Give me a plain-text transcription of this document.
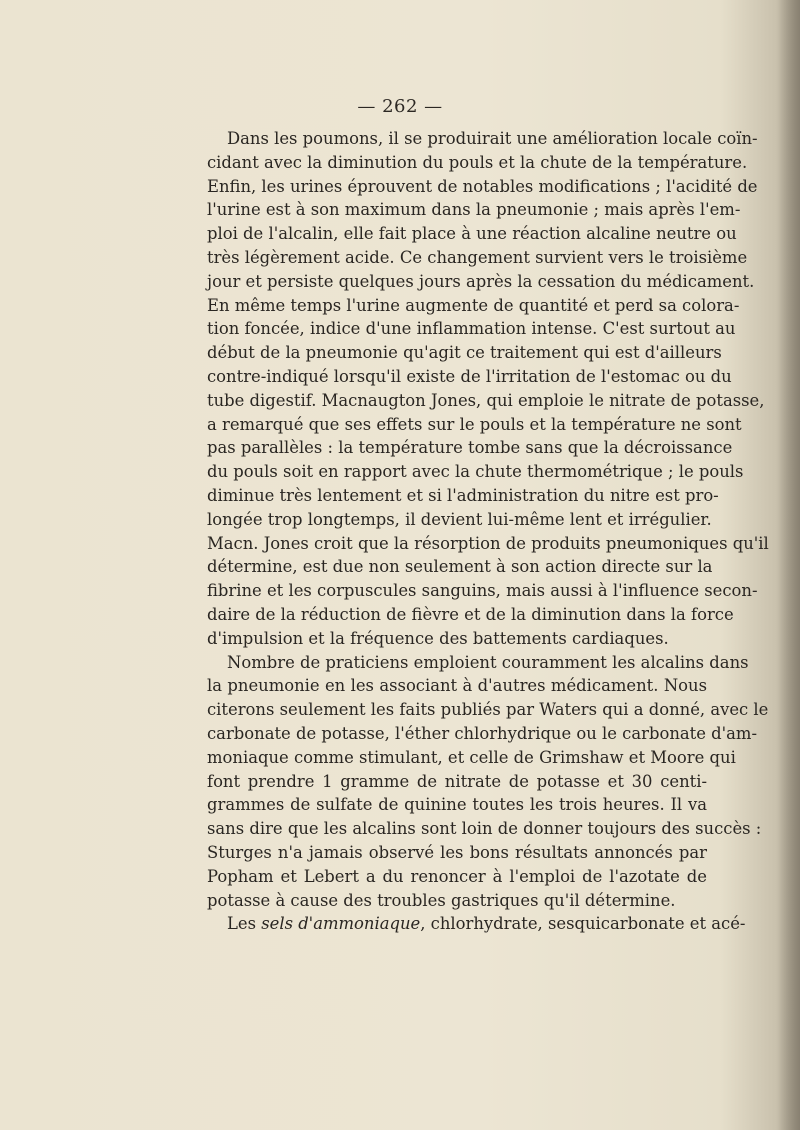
— 262 —
Dans les poumons, il se produirait une amélioration locale coïn-
cidant avec la diminution du pouls et la chute de la température.
Enfin, les urines éprouvent de notables modifications ; l'acidité de
l'urine est à son maximum dans la pneumonie ; mais après l'em-
ploi de l'alcalin, elle fait place à une réaction alcaline neutre ou
très légèrement acide. Ce changement survient vers le troisième
jour et persiste quelques jours après la cessation du médicament.
En même temps l'urine augmente de quantité et perd sa colora-
tion foncée, indice d'une inflammation intense. C'est surtout au
début de la pneumonie qu'agit ce traitement qui est d'ailleurs
contre-indiqué lorsqu'il existe de l'irritation de l'estomac ou du
tube digestif. Macnaugton Jones, qui emploie le nitrate de potasse,
a remarqué que ses effets sur le pouls et la température ne sont
pas parallèles : la température tombe sans que la décroissance
du pouls soit en rapport avec la chute thermométrique ; le pouls
diminue très lentement et si l'administration du nitre est pro-
longée trop longtemps, il devient lui-même lent et irrégulier.
Macn. Jones croit que la résorption de produits pneumoniques qu'il
détermine, est due non seulement à son action directe sur la
fibrine et les corpuscules sanguins, mais aussi à l'influence secon-
daire de la réduction de fièvre et de la diminution dans la force
d'impulsion et la fréquence des battements cardiaques.
Nombre de praticiens emploient couramment les alcalins dans
la pneumonie en les associant à d'autres médicament. Nous
citerons seulement les faits publiés par Waters qui a donné, avec le
carbonate de potasse, l'éther chlorhydrique ou le carbonate d'am-
moniaque comme stimulant, et celle de Grimshaw et Moore qui
font prendre 1 gramme de nitrate de potasse et 30 centi-
grammes de sulfate de quinine toutes les trois heures. Il va
sans dire que les alcalins sont loin de donner toujours des succès :
Sturges n'a jamais observé les bons résultats annoncés par
Popham et Lebert a du renoncer à l'emploi de l'azotate de
potasse à cause des troubles gastriques qu'il détermine.
Les sels d'ammoniaque, chlorhydrate, sesquicarbonate et acé-
